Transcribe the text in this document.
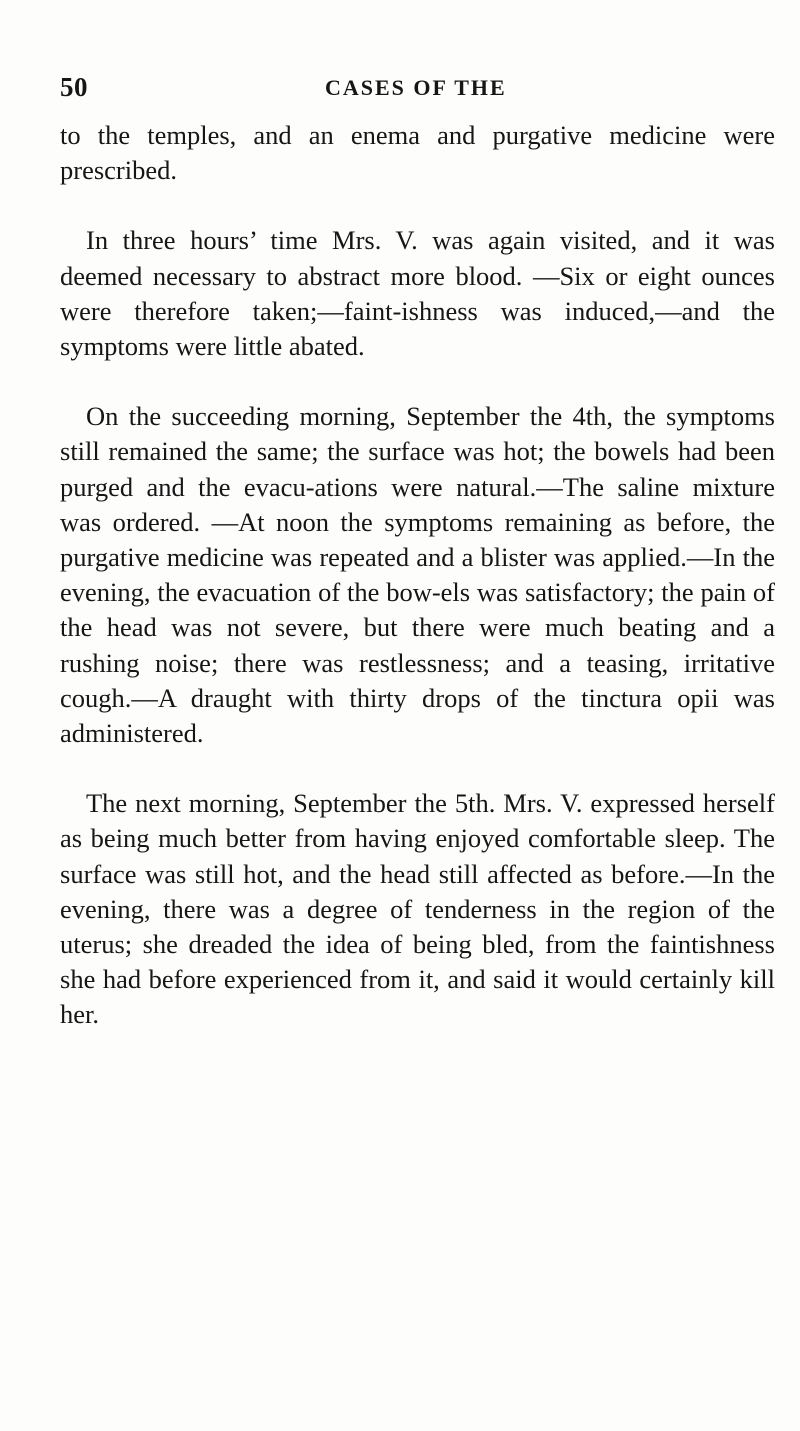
50	CASES OF THE

to the temples, and an enema and purgative medicine were prescribed.

In three hours’ time Mrs. V. was again visited, and it was deemed necessary to abstract more blood. —Six or eight ounces were therefore taken;—faint-ishness was induced,—and the symptoms were little abated.

On the succeeding morning, September the 4th, the symptoms still remained the same; the surface was hot; the bowels had been purged and the evacu-ations were natural.—The saline mixture was ordered. —At noon the symptoms remaining as before, the purgative medicine was repeated and a blister was applied.—In the evening, the evacuation of the bow-els was satisfactory; the pain of the head was not severe, but there were much beating and a rushing noise; there was restlessness; and a teasing, irritative cough.—A draught with thirty drops of the tinctura opii was administered.

The next morning, September the 5th. Mrs. V. expressed herself as being much better from having enjoyed comfortable sleep. The surface was still hot, and the head still affected as before.—In the evening, there was a degree of tenderness in the region of the uterus; she dreaded the idea of being bled, from the faintishness she had before experienced from it, and said it would certainly kill her.
